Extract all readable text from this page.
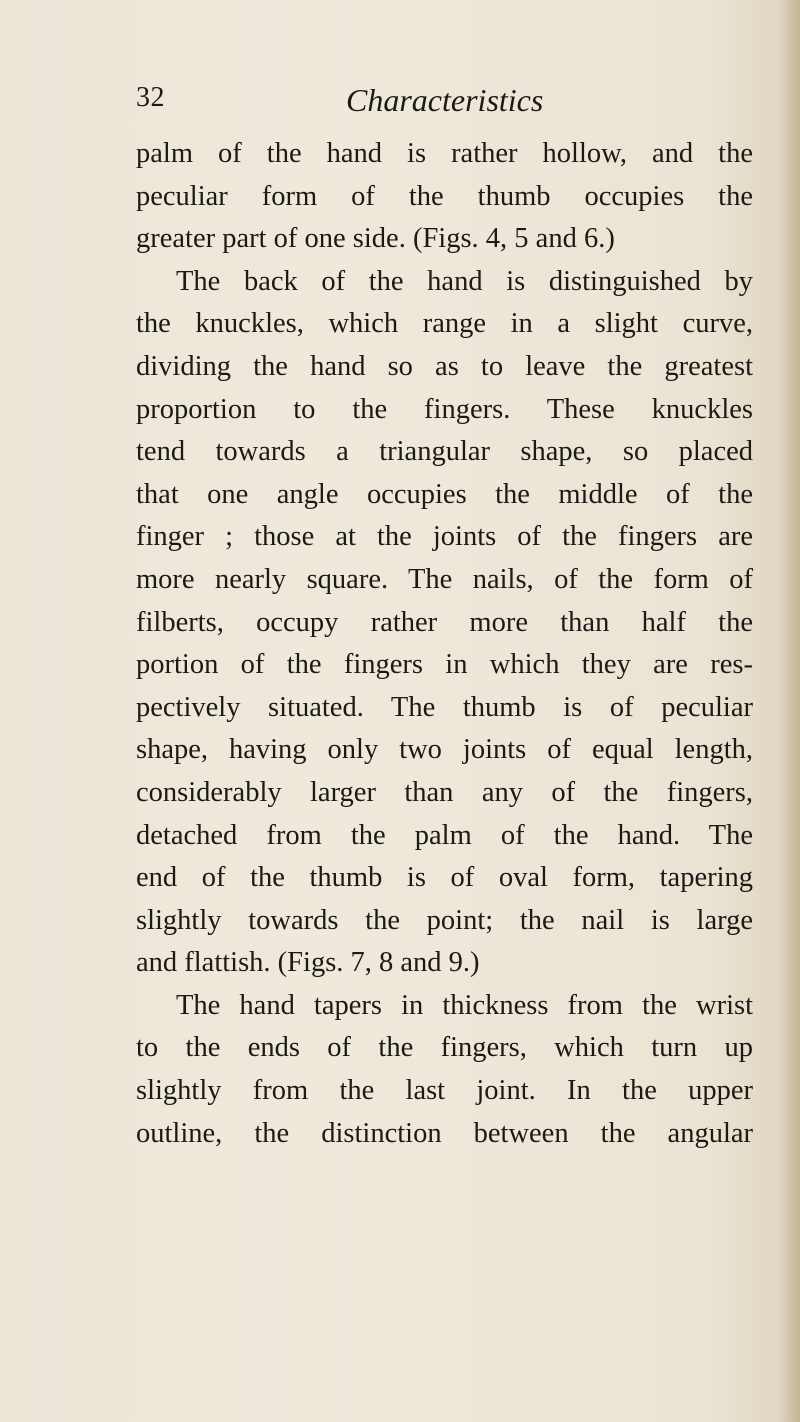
32	Characteristics
palm of the hand is rather hollow, and the
peculiar form of the thumb occupies the
greater part of one side. (Figs. 4, 5 and 6.)
The back of the hand is distinguished by
the knuckles, which range in a slight curve,
dividing the hand so as to leave the greatest
proportion to the fingers. These knuckles
tend towards a triangular shape, so placed
that one angle occupies the middle of the
finger ; those at the joints of the fingers are
more nearly square. The nails, of the form of
filberts, occupy rather more than half the
portion of the fingers in which they are res-
pectively situated. The thumb is of peculiar
shape, having only two joints of equal length,
considerably larger than any of the fingers,
detached from the palm of the hand. The
end of the thumb is of oval form, tapering
slightly towards the point; the nail is large
and flattish. (Figs. 7, 8 and 9.)
The hand tapers in thickness from the wrist
to the ends of the fingers, which turn up
slightly from the last joint. In the upper
outline, the distinction between the angular
